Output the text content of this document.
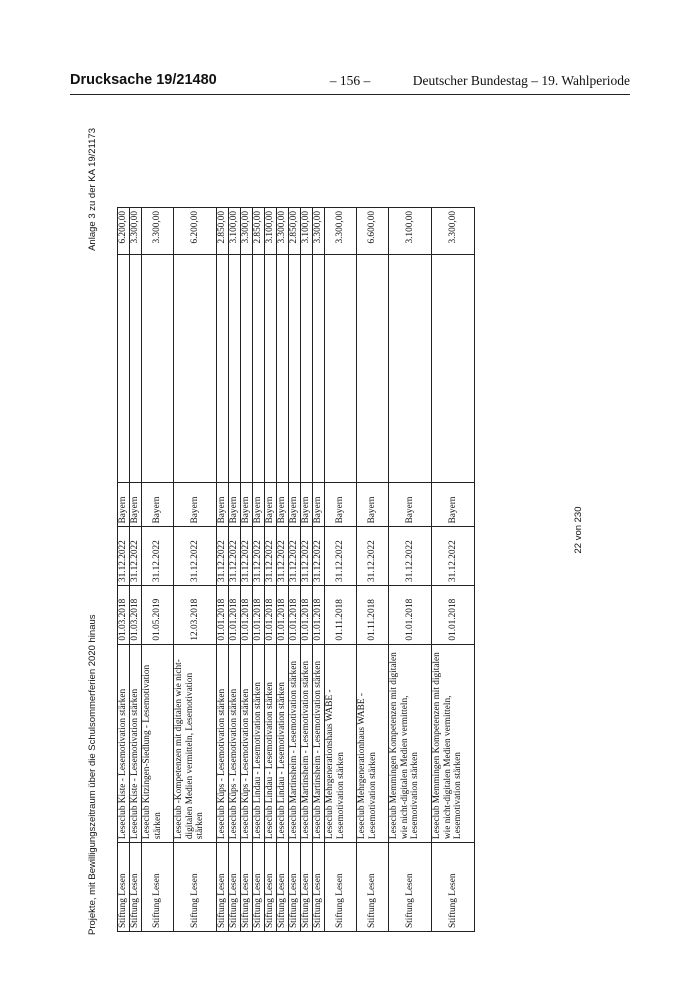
Drucksache 19/21480	– 156 –	Deutscher Bundestag – 19. Wahlperiode
Projekte, mit Bewilligungszeitraum über die Schulsommerferien 2020 hinaus
Anlage 3 zu der KA 19/21173
Stiftung Lesen	Leseclub Kiste - Lesemotivation stärken	01.03.2018	31.12.2022	Bayern		6.200,00
Stiftung Lesen	Leseclub Kiste - Lesemotivation stärken	01.03.2018	31.12.2022	Bayern		3.300,00
Stiftung Lesen	Leseclub Kitzingen-Siedlung - Lesemotivation stärken	01.05.2019	31.12.2022	Bayern		3.300,00
Stiftung Lesen	Leseclub -Kompetenzen mit digitalen wie nicht-digitalen Medien vermitteln, Lesemotivation stärken	12.03.2018	31.12.2022	Bayern		6.200,00
Stiftung Lesen	Leseclub Küps - Lesemotivation stärken	01.01.2018	31.12.2022	Bayern		2.850,00
Stiftung Lesen	Leseclub Küps - Lesemotivation stärken	01.01.2018	31.12.2022	Bayern		3.100,00
Stiftung Lesen	Leseclub Küps - Lesemotivation stärken	01.01.2018	31.12.2022	Bayern		3.300,00
Stiftung Lesen	Leseclub Lindau - Lesemotivation stärken	01.01.2018	31.12.2022	Bayern		2.850,00
Stiftung Lesen	Leseclub Lindau - Lesemotivation stärken	01.01.2018	31.12.2022	Bayern		3.100,00
Stiftung Lesen	Leseclub Lindau - Lesemotivation stärken	01.01.2018	31.12.2022	Bayern		3.300,00
Stiftung Lesen	Leseclub Martinsheim - Lesemotivation stärken	01.01.2018	31.12.2022	Bayern		2.850,00
Stiftung Lesen	Leseclub Martinsheim - Lesemotivation stärken	01.01.2018	31.12.2022	Bayern		3.100,00
Stiftung Lesen	Leseclub Martinsheim - Lesemotivation stärken	01.01.2018	31.12.2022	Bayern		3.300,00
Stiftung Lesen	Leseclub Mehrgenerationshaus WABE - Lesemotivation stärken	01.11.2018	31.12.2022	Bayern		3.300,00
Stiftung Lesen	Leseclub Mehrgenerationhaus WABE - Lesemotivation stärken	01.11.2018	31.12.2022	Bayern		6.600,00
Stiftung Lesen	Leseclub Memmingen Kompetenzen mit digitalen wie nicht-digitalen Medien vermitteln, Lesemotivation stärken	01.01.2018	31.12.2022	Bayern		3.100,00
Stiftung Lesen	Leseclub Memmingen Kompetenzen mit digitalen wie nicht-digitalen Medien vermitteln, Lesemotivation stärken	01.01.2018	31.12.2022	Bayern		3.300,00
22 von 230
